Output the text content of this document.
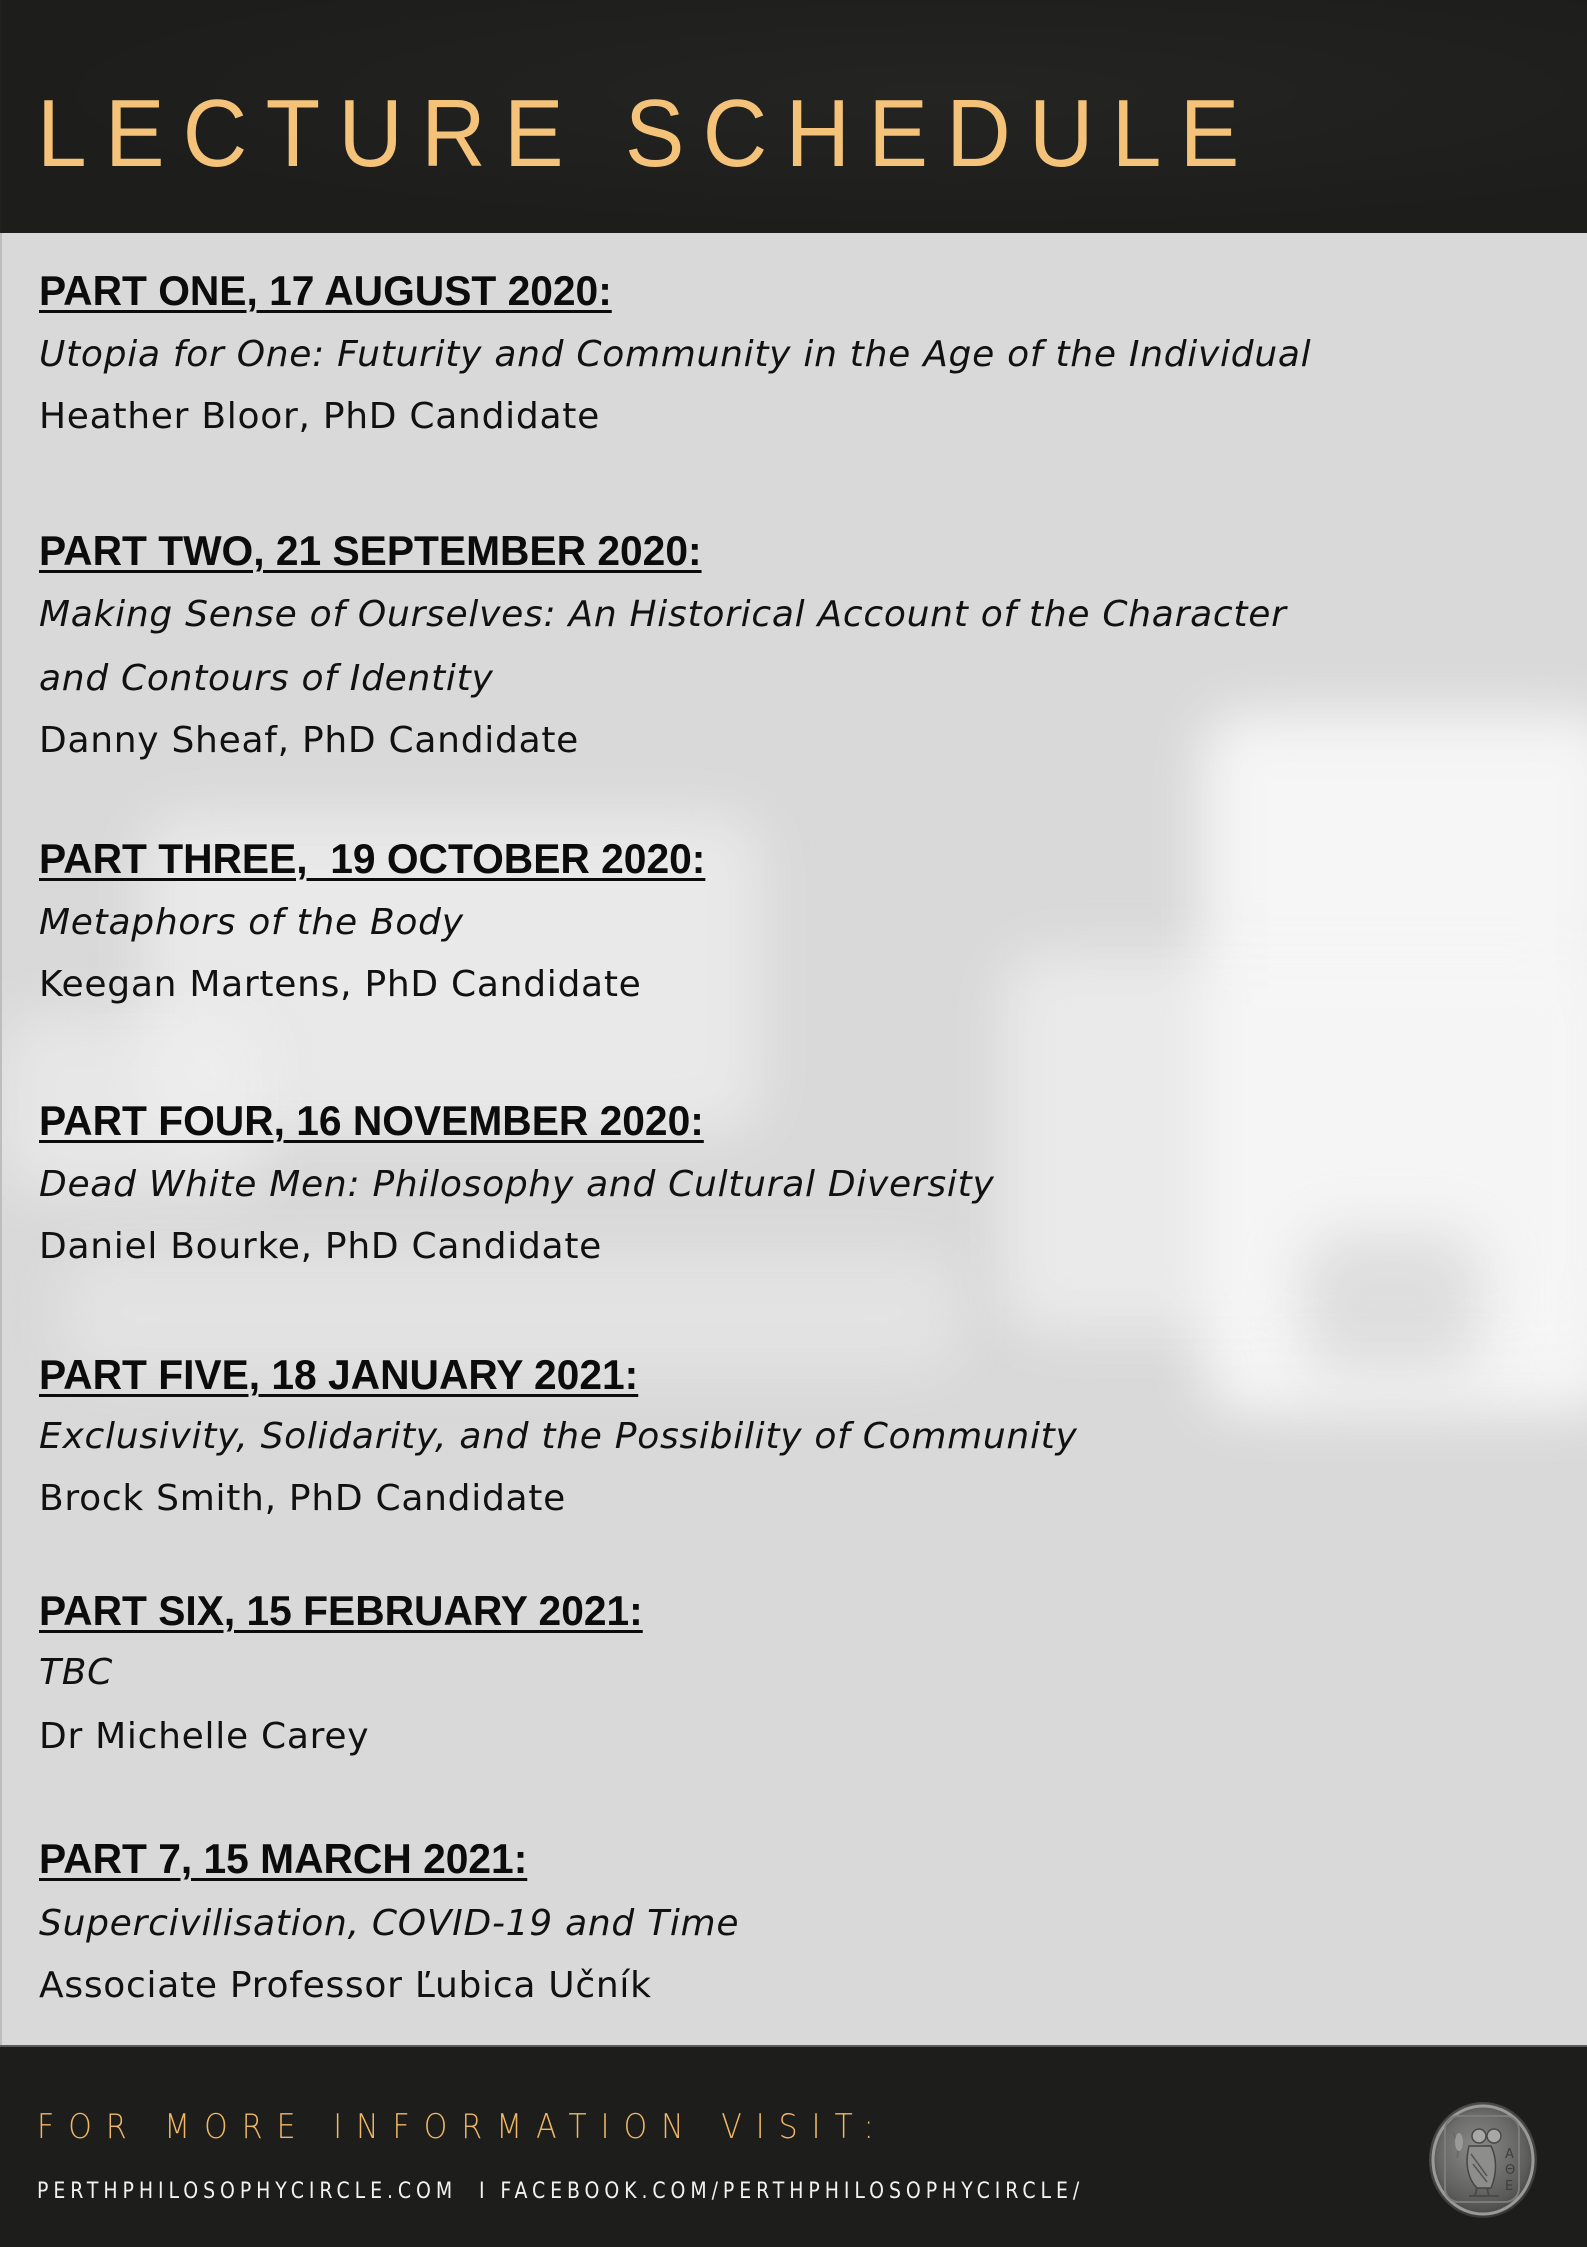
LECTURE SCHEDULE
PART ONE, 17 AUGUST 2020:
Utopia for One: Futurity and Community in the Age of the Individual
Heather Bloor, PhD Candidate
PART TWO, 21 SEPTEMBER 2020:
Making Sense of Ourselves: An Historical Account of the Character
and Contours of Identity
Danny Sheaf, PhD Candidate
PART THREE,  19 OCTOBER 2020:
Metaphors of the Body
Keegan Martens, PhD Candidate
PART FOUR, 16 NOVEMBER 2020:
Dead White Men: Philosophy and Cultural Diversity
Daniel Bourke, PhD Candidate
PART FIVE, 18 JANUARY 2021:
Exclusivity, Solidarity, and the Possibility of Community
Brock Smith, PhD Candidate
PART SIX, 15 FEBRUARY 2021:
TBC
Dr Michelle Carey
PART 7, 15 MARCH 2021:
Supercivilisation, COVID-19 and Time
Associate Professor Ľubica Učník
FOR MORE INFORMATION VISIT:
PERTHPHILOSOPHYCIRCLE.COM  I FACEBOOK.COM/PERTHPHILOSOPHYCIRCLE/
Α
Θ
Ε
